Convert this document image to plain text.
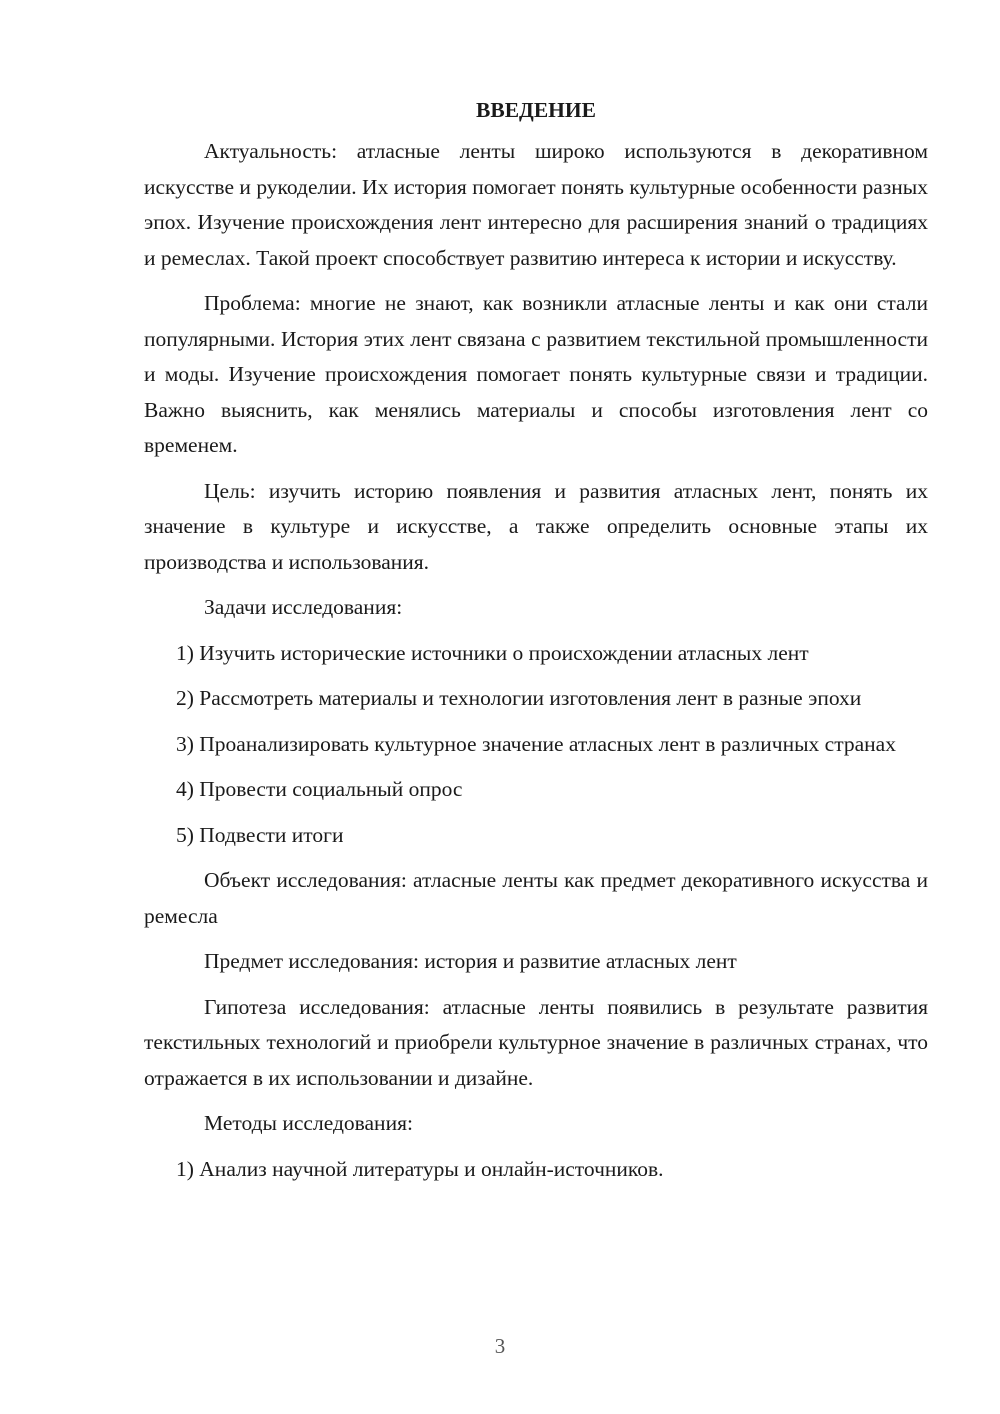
ВВЕДЕНИЕ

Актуальность: атласные ленты широко используются в декоративном искусстве и рукоделии. Их история помогает понять культурные особенности разных эпох. Изучение происхождения лент интересно для расширения знаний о традициях и ремеслах. Такой проект способствует развитию интереса к истории и искусству.

Проблема: многие не знают, как возникли атласные ленты и как они стали популярными. История этих лент связана с развитием текстильной промышленности и моды. Изучение происхождения помогает понять культурные связи и традиции. Важно выяснить, как менялись материалы и способы изготовления лент со временем.

Цель: изучить историю появления и развития атласных лент, понять их значение в культуре и искусстве, а также определить основные этапы их производства и использования.

Задачи исследования:

1) Изучить исторические источники о происхождении атласных лент

2) Рассмотреть материалы и технологии изготовления лент в разные эпохи

3) Проанализировать культурное значение атласных лент в различных странах

4) Провести социальный опрос

5) Подвести итоги

Объект исследования: атласные ленты как предмет декоративного искусства и ремесла

Предмет исследования: история и развитие атласных лент

Гипотеза исследования: атласные ленты появились в результате развития текстильных технологий и приобрели культурное значение в различных странах, что отражается в их использовании и дизайне.

Методы исследования:

1) Анализ научной литературы и онлайн-источников.

3
